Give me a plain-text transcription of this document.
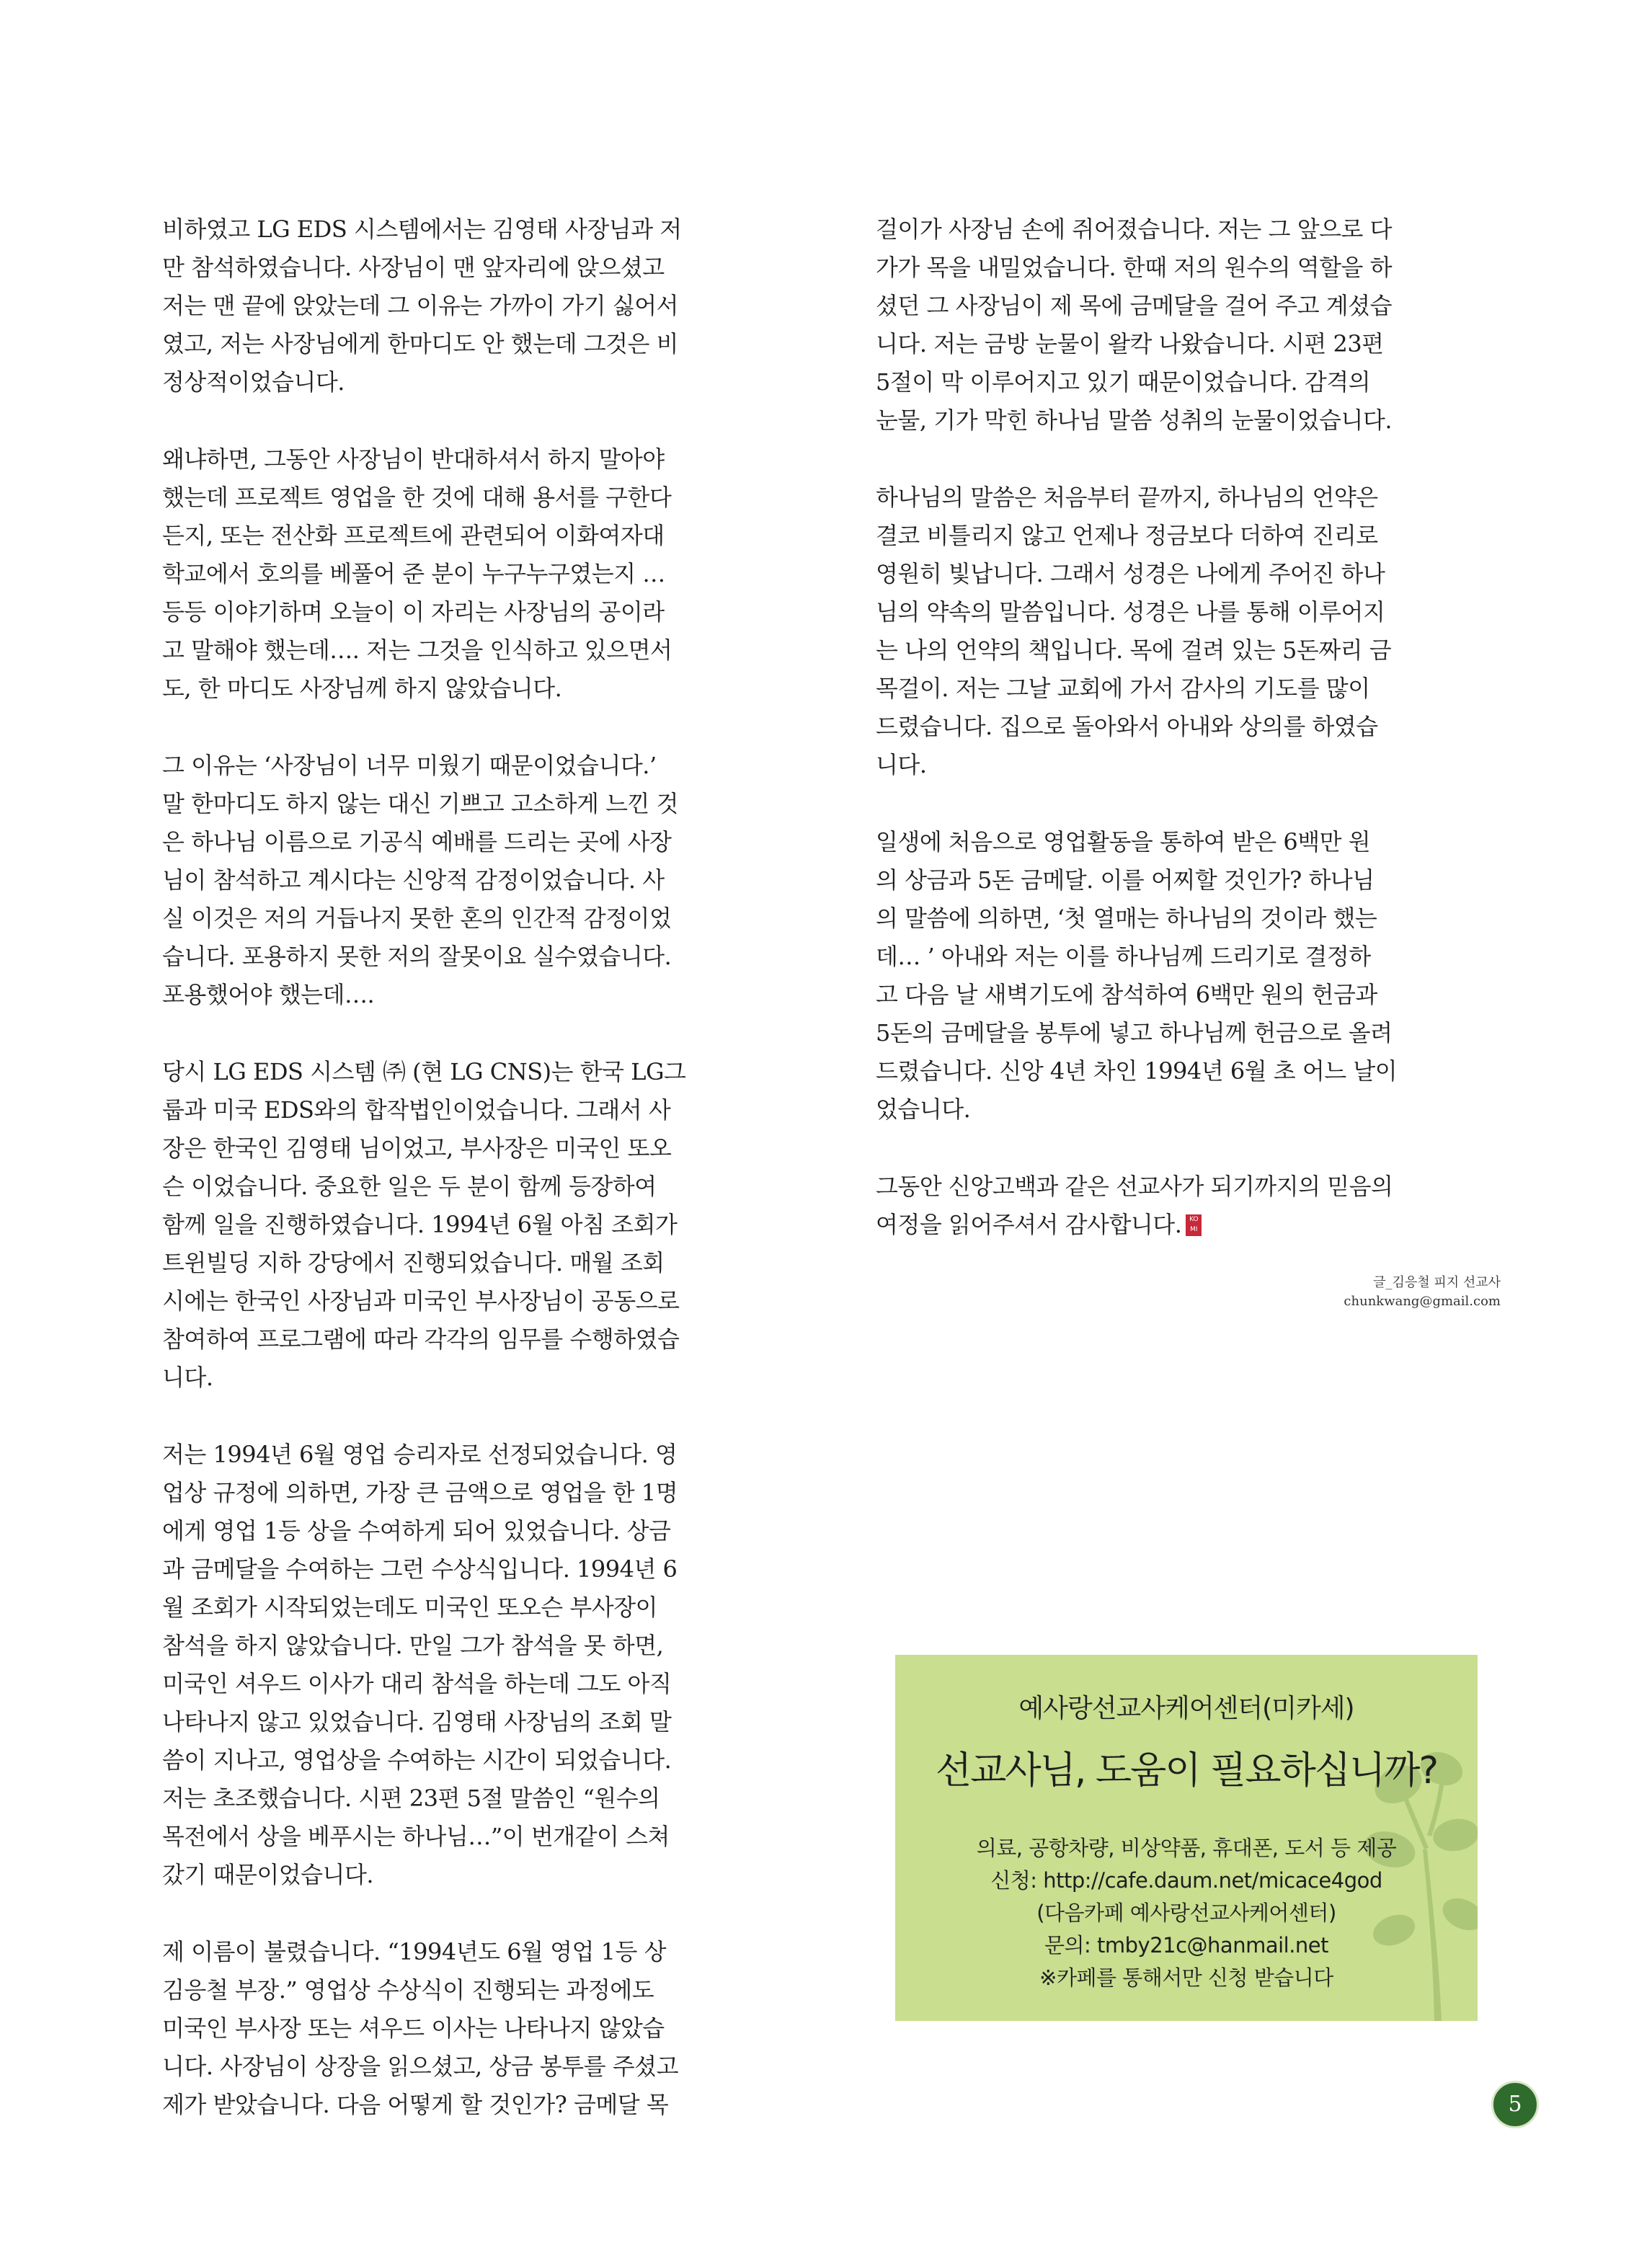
비하였고 LG EDS 시스템에서는 김영태 사장님과 저
만 참석하였습니다. 사장님이 맨 앞자리에 앉으셨고
저는 맨 끝에 앉았는데 그 이유는 가까이 가기 싫어서
였고, 저는 사장님에게 한마디도 안 했는데 그것은 비
정상적이었습니다.

왜냐하면, 그동안 사장님이 반대하셔서 하지 말아야
했는데 프로젝트 영업을 한 것에 대해 용서를 구한다
든지, 또는 전산화 프로젝트에 관련되어 이화여자대
학교에서 호의를 베풀어 준 분이 누구누구였는지 …
등등 이야기하며 오늘이 이 자리는 사장님의 공이라
고 말해야 했는데…. 저는 그것을 인식하고 있으면서
도, 한 마디도 사장님께 하지 않았습니다.

그 이유는 ‘사장님이 너무 미웠기 때문이었습니다.’
말 한마디도 하지 않는 대신 기쁘고 고소하게 느낀 것
은 하나님 이름으로 기공식 예배를 드리는 곳에 사장
님이 참석하고 계시다는 신앙적 감정이었습니다. 사
실 이것은 저의 거듭나지 못한 혼의 인간적 감정이었
습니다. 포용하지 못한 저의 잘못이요 실수였습니다.
포용했어야 했는데….

당시 LG EDS 시스템 ㈜ (현 LG CNS)는 한국 LG그
룹과 미국 EDS와의 합작법인이었습니다. 그래서 사
장은 한국인 김영태 님이었고, 부사장은 미국인 또오
슨 이었습니다. 중요한 일은 두 분이 함께 등장하여
함께 일을 진행하였습니다. 1994년 6월 아침 조회가
트윈빌딩 지하 강당에서 진행되었습니다. 매월 조회
시에는 한국인 사장님과 미국인 부사장님이 공동으로
참여하여 프로그램에 따라 각각의 임무를 수행하였습
니다.

저는 1994년 6월 영업 승리자로 선정되었습니다. 영
업상 규정에 의하면, 가장 큰 금액으로 영업을 한 1명
에게 영업 1등 상을 수여하게 되어 있었습니다. 상금
과 금메달을 수여하는 그런 수상식입니다. 1994년 6
월 조회가 시작되었는데도 미국인 또오슨 부사장이
참석을 하지 않았습니다. 만일 그가 참석을 못 하면,
미국인 셔우드 이사가 대리 참석을 하는데 그도 아직
나타나지 않고 있었습니다. 김영태 사장님의 조회 말
씀이 지나고, 영업상을 수여하는 시간이 되었습니다.
저는 초조했습니다. 시편 23편 5절 말씀인 “원수의
목전에서 상을 베푸시는 하나님…”이 번개같이 스쳐
갔기 때문이었습니다.

제 이름이 불렸습니다. “1994년도 6월 영업 1등 상
김응철 부장.” 영업상 수상식이 진행되는 과정에도
미국인 부사장 또는 셔우드 이사는 나타나지 않았습
니다. 사장님이 상장을 읽으셨고, 상금 봉투를 주셨고
제가 받았습니다. 다음 어떻게 할 것인가? 금메달 목

걸이가 사장님 손에 쥐어졌습니다. 저는 그 앞으로 다
가가 목을 내밀었습니다. 한때 저의 원수의 역할을 하
셨던 그 사장님이 제 목에 금메달을 걸어 주고 계셨습
니다. 저는 금방 눈물이 왈칵 나왔습니다. 시편 23편
5절이 막 이루어지고 있기 때문이었습니다. 감격의
눈물, 기가 막힌 하나님 말씀 성취의 눈물이었습니다.

하나님의 말씀은 처음부터 끝까지, 하나님의 언약은
결코 비틀리지 않고 언제나 정금보다 더하여 진리로
영원히 빛납니다. 그래서 성경은 나에게 주어진 하나
님의 약속의 말씀입니다. 성경은 나를 통해 이루어지
는 나의 언약의 책입니다. 목에 걸려 있는 5돈짜리 금
목걸이. 저는 그날 교회에 가서 감사의 기도를 많이
드렸습니다. 집으로 돌아와서 아내와 상의를 하였습
니다.

일생에 처음으로 영업활동을 통하여 받은 6백만 원
의 상금과 5돈 금메달. 이를 어찌할 것인가? 하나님
의 말씀에 의하면, ‘첫 열매는 하나님의 것이라 했는
데… ’ 아내와 저는 이를 하나님께 드리기로 결정하
고 다음 날 새벽기도에 참석하여 6백만 원의 헌금과
5돈의 금메달을 봉투에 넣고 하나님께 헌금으로 올려
드렸습니다. 신앙 4년 차인 1994년 6월 초 어느 날이
었습니다.

그동안 신앙고백과 같은 선교사가 되기까지의 믿음의
여정을 읽어주셔서 감사합니다.	KO
MI

글_김응철 피지 선교사
chunkwang@gmail.com
예사랑선교사케어센터(미카세)
선교사님, 도움이 필요하십니까?
의료, 공항차량, 비상약품, 휴대폰, 도서 등 제공
신청: http://cafe.daum.net/micace4god
(다음카페 예사랑선교사케어센터)
문의: tmby21c@hanmail.net
※카페를 통해서만 신청 받습니다
5
